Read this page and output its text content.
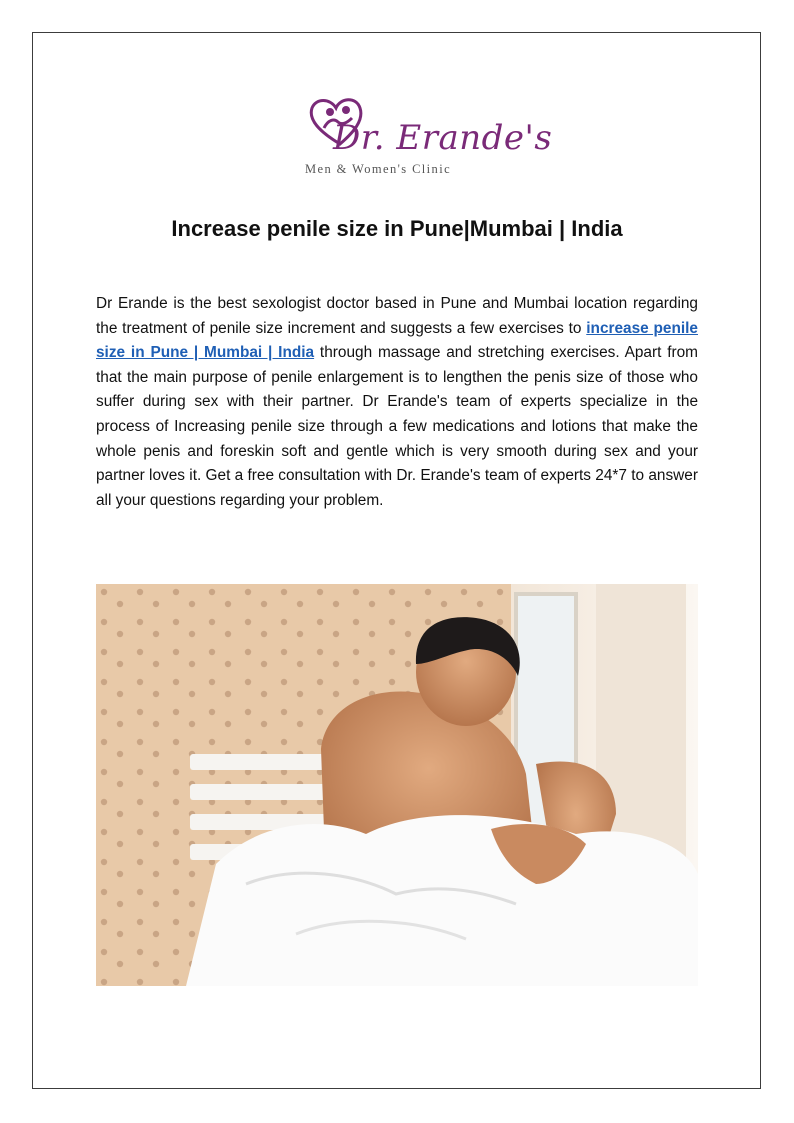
Dr. Erande's
Men & Women's Clinic
Increase penile size in Pune|Mumbai | India
Dr Erande is the best sexologist doctor based in Pune and Mumbai location regarding the treatment of penile size increment and suggests a few exercises to increase penile size in Pune | Mumbai | India through massage and stretching exercises. Apart from that the main purpose of penile enlargement is to lengthen the penis size of those who suffer during sex with their partner. Dr Erande's team of experts specialize in the process of Increasing penile size through a few medications and lotions that make the whole penis and foreskin soft and gentle which is very smooth during sex and your partner loves it. Get a free consultation with Dr. Erande's team of experts 24*7 to answer all your questions regarding your problem.
